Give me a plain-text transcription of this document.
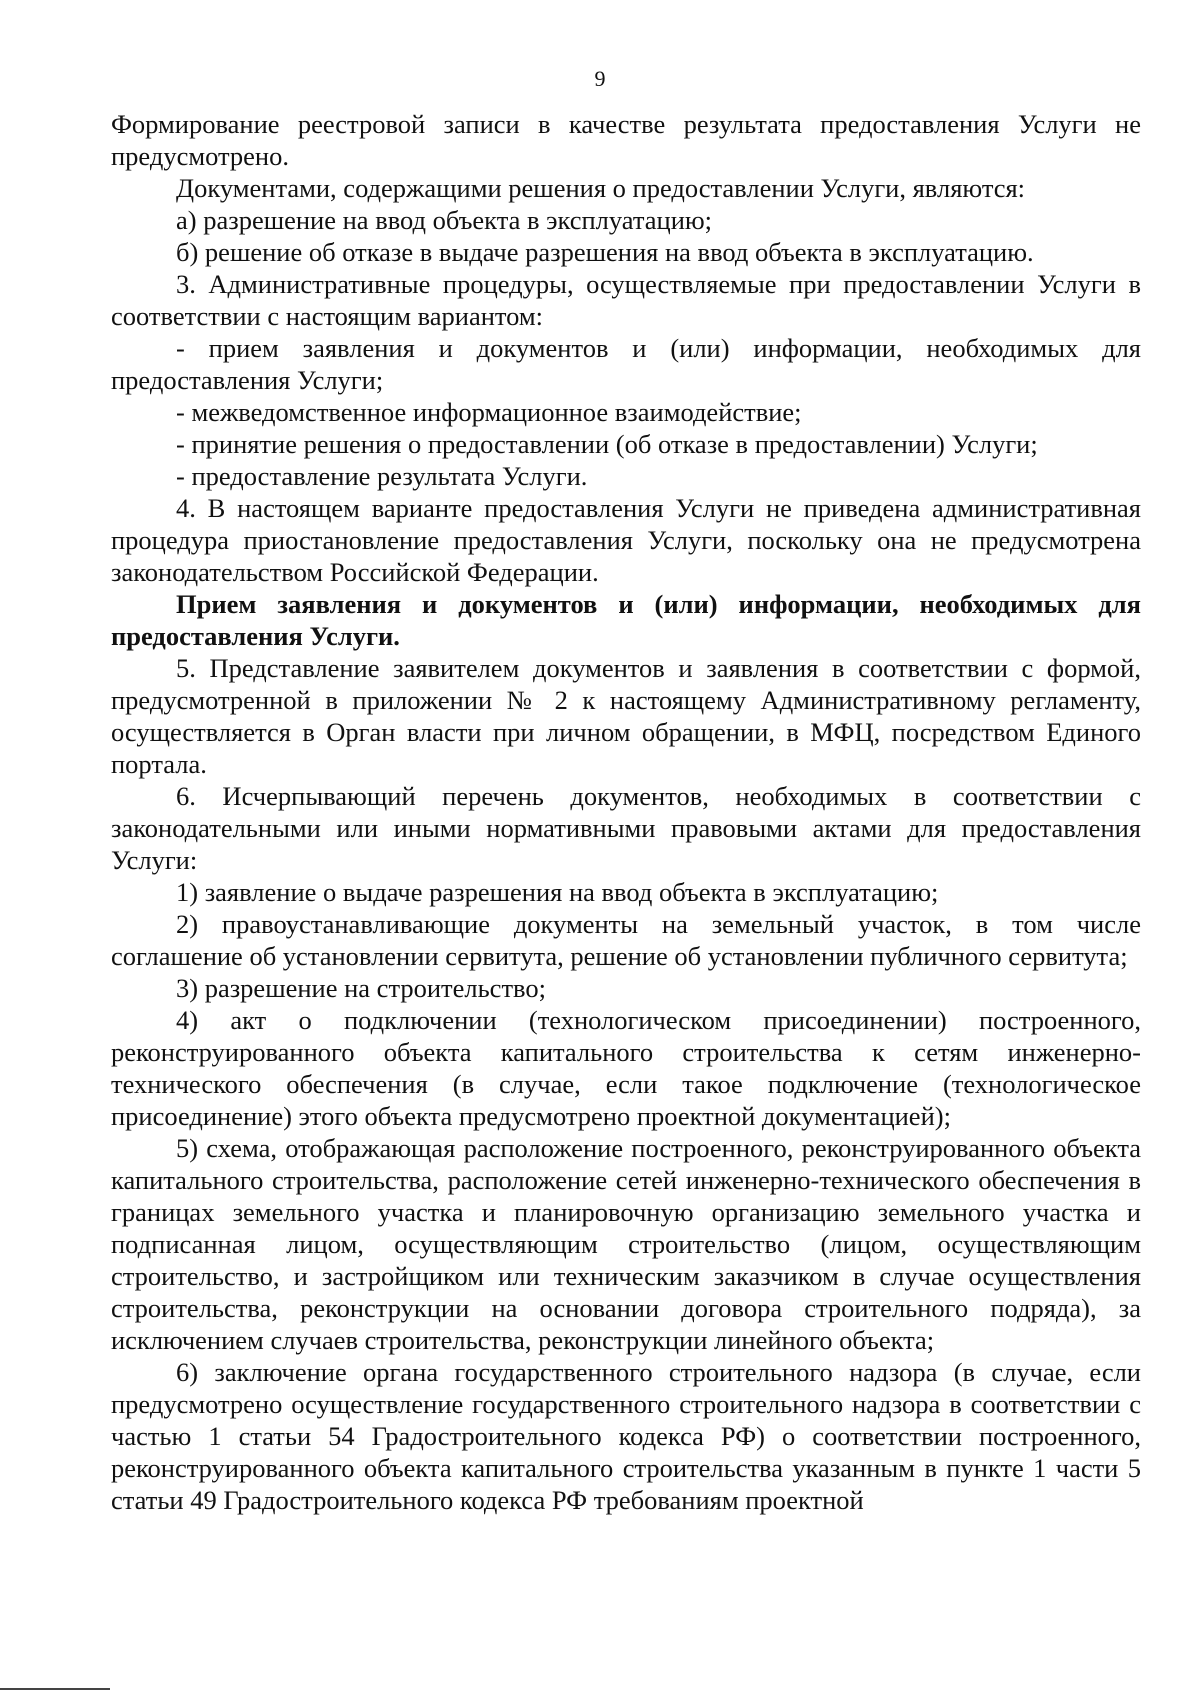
9

Формирование реестровой записи в качестве результата предоставления Услуги не предусмотрено.

Документами, содержащими решения о предоставлении Услуги, являются:

а) разрешение на ввод объекта в эксплуатацию;

б) решение об отказе в выдаче разрешения на ввод объекта в эксплуатацию.

3. Административные процедуры, осуществляемые при предоставлении Услуги в соответствии с настоящим вариантом:

- прием заявления и документов и (или) информации, необходимых для предоставления Услуги;

- межведомственное информационное взаимодействие;

- принятие решения о предоставлении (об отказе в предоставлении) Услуги;

- предоставление результата Услуги.

4. В настоящем варианте предоставления Услуги не приведена административная процедура приостановление предоставления Услуги, поскольку она не предусмотрена законодательством Российской Федерации.

Прием заявления и документов и (или) информации, необходимых для предоставления Услуги.

5. Представление заявителем документов и заявления в соответствии с формой, предусмотренной в приложении № 2 к настоящему Административному регламенту, осуществляется в Орган власти при личном обращении, в МФЦ, посредством Единого портала.

6. Исчерпывающий перечень документов, необходимых в соответствии с законодательными или иными нормативными правовыми актами для предоставления Услуги:

1) заявление о выдаче разрешения на ввод объекта в эксплуатацию;

2) правоустанавливающие документы на земельный участок, в том числе соглашение об установлении сервитута, решение об установлении публичного сервитута;

3) разрешение на строительство;

4) акт о подключении (технологическом присоединении) построенного, реконструированного объекта капитального строительства к сетям инженерно-технического обеспечения (в случае, если такое подключение (технологическое присоединение) этого объекта предусмотрено проектной документацией);

5) схема, отображающая расположение построенного, реконструированного объекта капитального строительства, расположение сетей инженерно-технического обеспечения в границах земельного участка и планировочную организацию земельного участка и подписанная лицом, осуществляющим строительство (лицом, осуществляющим строительство, и застройщиком или техническим заказчиком в случае осуществления строительства, реконструкции на основании договора строительного подряда), за исключением случаев строительства, реконструкции линейного объекта;

6) заключение органа государственного строительного надзора (в случае, если предусмотрено осуществление государственного строительного надзора в соответствии с частью 1 статьи 54 Градостроительного кодекса РФ) о соответствии построенного, реконструированного объекта капитального строительства указанным в пункте 1 части 5 статьи 49 Градостроительного кодекса РФ требованиям проектной
